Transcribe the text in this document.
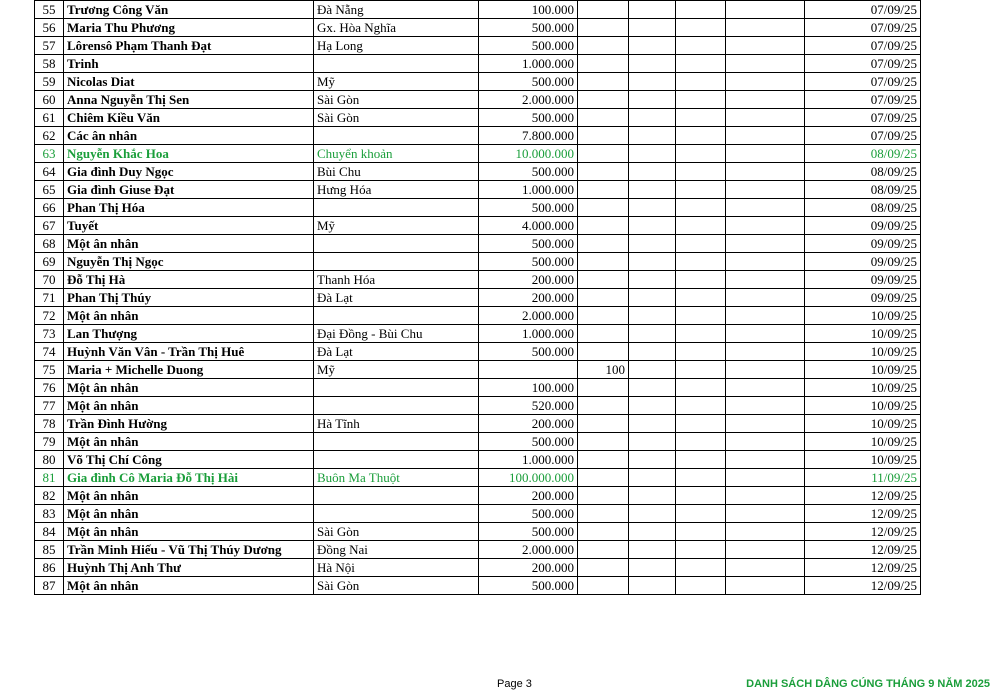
55	Trương Công Văn	Đà Nẵng	100.000					07/09/25
56	Maria Thu Phương	Gx. Hòa Nghĩa	500.000					07/09/25
57	Lôrensô Phạm Thanh Đạt	Hạ Long	500.000					07/09/25
58	Trinh		1.000.000					07/09/25
59	Nicolas Diat	Mỹ	500.000					07/09/25
60	Anna Nguyễn Thị Sen	Sài Gòn	2.000.000					07/09/25
61	Chiêm Kiều Văn	Sài Gòn	500.000					07/09/25
62	Các ân nhân		7.800.000					07/09/25
63	Nguyễn Khắc Hoa	Chuyển khoản	10.000.000					08/09/25
64	Gia đình Duy Ngọc	Bùi Chu	500.000					08/09/25
65	Gia đình Giuse Đạt	Hưng Hóa	1.000.000					08/09/25
66	Phan Thị Hóa		500.000					08/09/25
67	Tuyết	Mỹ	4.000.000					09/09/25
68	Một ân nhân		500.000					09/09/25
69	Nguyễn Thị Ngọc		500.000					09/09/25
70	Đỗ Thị Hà	Thanh Hóa	200.000					09/09/25
71	Phan Thị Thúy	Đà Lạt	200.000					09/09/25
72	Một ân nhân		2.000.000					10/09/25
73	Lan Thượng	Đại Đồng - Bùi Chu	1.000.000					10/09/25
74	Huỳnh Văn Vân - Trần Thị Huê	Đà Lạt	500.000					10/09/25
75	Maria + Michelle Duong	Mỹ		100				10/09/25
76	Một ân nhân		100.000					10/09/25
77	Một ân nhân		520.000					10/09/25
78	Trần Đình Hường	Hà Tĩnh	200.000					10/09/25
79	Một ân nhân		500.000					10/09/25
80	Võ Thị Chí Công		1.000.000					10/09/25
81	Gia đình Cô Maria Đỗ Thị Hài	Buôn Ma Thuột	100.000.000					11/09/25
82	Một ân nhân		200.000					12/09/25
83	Một ân nhân		500.000					12/09/25
84	Một ân nhân	Sài Gòn	500.000					12/09/25
85	Trần Minh Hiếu - Vũ Thị Thúy Dương	Đồng Nai	2.000.000					12/09/25
86	Huỳnh Thị Anh Thư	Hà Nội	200.000					12/09/25
87	Một ân nhân	Sài Gòn	500.000					12/09/25
Page 3	DANH SÁCH DÂNG CÚNG THÁNG 9 NĂM 2025
